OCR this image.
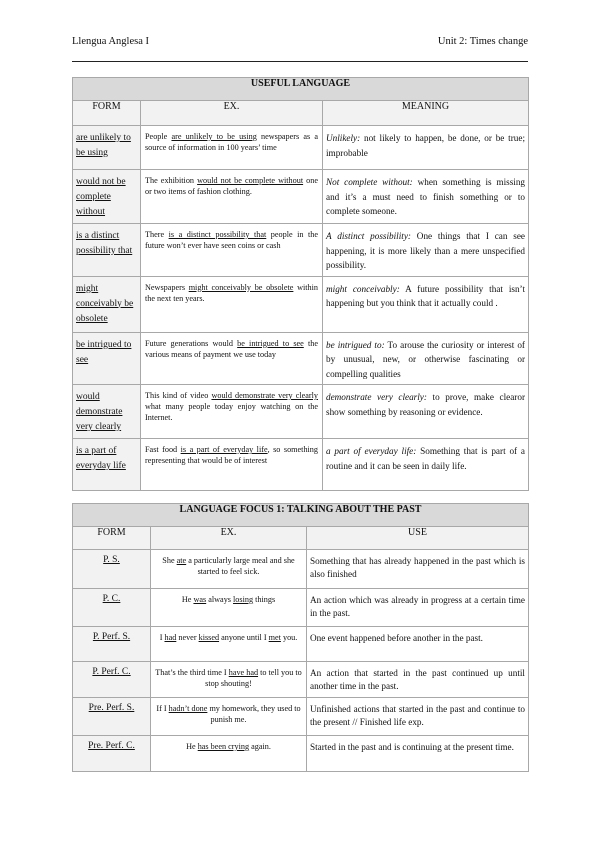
Llengua Anglesa I	Unit 2: Times change
USEFUL LANGUAGE		
FORM	EX.	MEANING
are unlikely to be using	People are unlikely to be using newspapers as a source of information in 100 years’ time	Unlikely: not likely to happen, be done, or be true; improbable
would not be complete without	The exhibition would not be complete without one or two items of fashion clothing.	Not complete without: when something is missing and it’s a must need to finish something or to complete someone.
is a distinct possibility that	There is a distinct possibility that people in the future won’t ever have seen coins or cash	A distinct possibility: One things that I can see happening, it is more likely than a mere unspecified possibility.
might conceivably be obsolete	Newspapers might conceivably be obsolete within the next ten years.	might conceivably: A future possibility that isn’t happening but you think that it actually could .
be intrigued to see	Future generations would be intrigued to see the various means of payment we use today	be intrigued to: To arouse the curiosity or interest of by unusual, new, or otherwise fascinating or compelling qualities
would demonstrate very clearly	This kind of video would demonstrate very clearly what many people today enjoy watching on the Internet.	demonstrate very clearly: to prove, make clearor show something by reasoning or evidence.
is a part of everyday life	Fast food is a part of everyday life, so something representing that would be of interest	a part of everyday life: Something that is part of a routine and it can be seen in daily life.
LANGUAGE FOCUS 1: TALKING ABOUT THE PAST		
FORM	EX.	USE
P. S.	She ate a particularly large meal and she started to feel sick.	Something that has already happened in the past which is also finished
P. C.	He was always losing things	An action which was already in progress at a certain time in the past.
P. Perf. S.	I had never kissed anyone until I met you.	One event happened before another in the past.
P. Perf. C.	That’s the third time I have had to tell you to stop shouting!	An action that started in the past continued up until another time in the past.
Pre. Perf. S.	If I hadn’t done my homework, they used to punish me.	Unfinished actions that started in the past and continue to the present // Finished life exp.
Pre. Perf. C.	He has been crying again.	Started in the past and is continuing at the present time.
